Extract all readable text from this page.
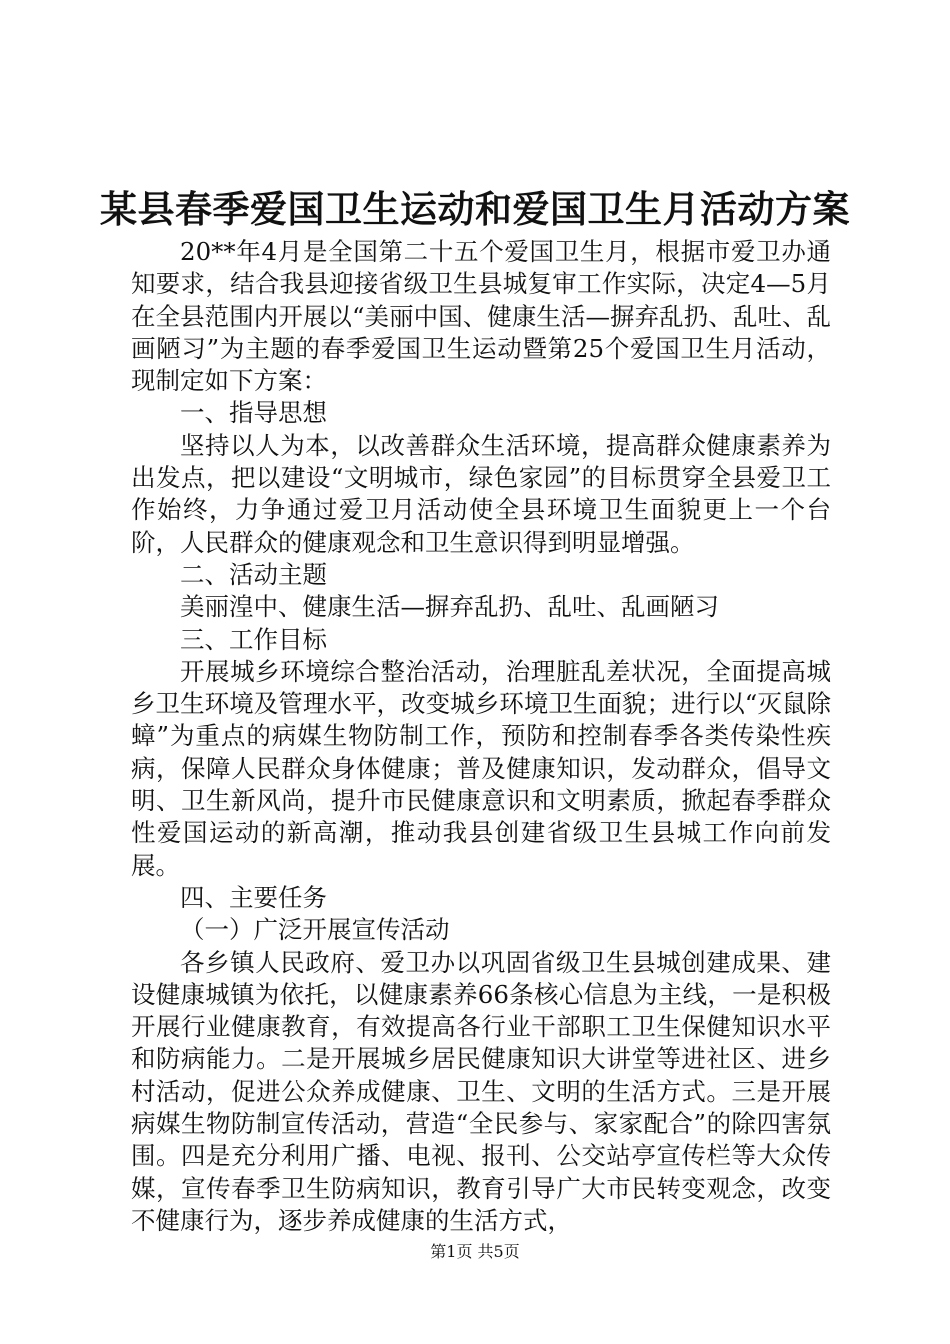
某县春季爱国卫生运动和爱国卫生月活动方案

20**年4月是全国第二十五个爱国卫生月，根据市爱卫办通知要求，结合我县迎接省级卫生县城复审工作实际，决定4—5月在全县范围内开展以“美丽中国、健康生活—摒弃乱扔、乱吐、乱画陋习”为主题的春季爱国卫生运动暨第25个爱国卫生月活动，现制定如下方案：

一、指导思想

坚持以人为本，以改善群众生活环境，提高群众健康素养为出发点，把以建设“文明城市，绿色家园”的目标贯穿全县爱卫工作始终，力争通过爱卫月活动使全县环境卫生面貌更上一个台阶，人民群众的健康观念和卫生意识得到明显增强。

二、活动主题

美丽湟中、健康生活—摒弃乱扔、乱吐、乱画陋习

三、工作目标

开展城乡环境综合整治活动，治理脏乱差状况，全面提高城乡卫生环境及管理水平，改变城乡环境卫生面貌；进行以“灭鼠除蟑”为重点的病媒生物防制工作，预防和控制春季各类传染性疾病，保障人民群众身体健康；普及健康知识，发动群众，倡导文明、卫生新风尚，提升市民健康意识和文明素质，掀起春季群众性爱国运动的新高潮，推动我县创建省级卫生县城工作向前发展。

四、主要任务

（一）广泛开展宣传活动

各乡镇人民政府、爱卫办以巩固省级卫生县城创建成果、建设健康城镇为依托，以健康素养66条核心信息为主线，一是积极开展行业健康教育，有效提高各行业干部职工卫生保健知识水平和防病能力。二是开展城乡居民健康知识大讲堂等进社区、进乡村活动，促进公众养成健康、卫生、文明的生活方式。三是开展病媒生物防制宣传活动，营造“全民参与、家家配合”的除四害氛围。四是充分利用广播、电视、报刊、公交站亭宣传栏等大众传媒，宣传春季卫生防病知识，教育引导广大市民转变观念，改变不健康行为，逐步养成健康的生活方式，

第1页 共5页
